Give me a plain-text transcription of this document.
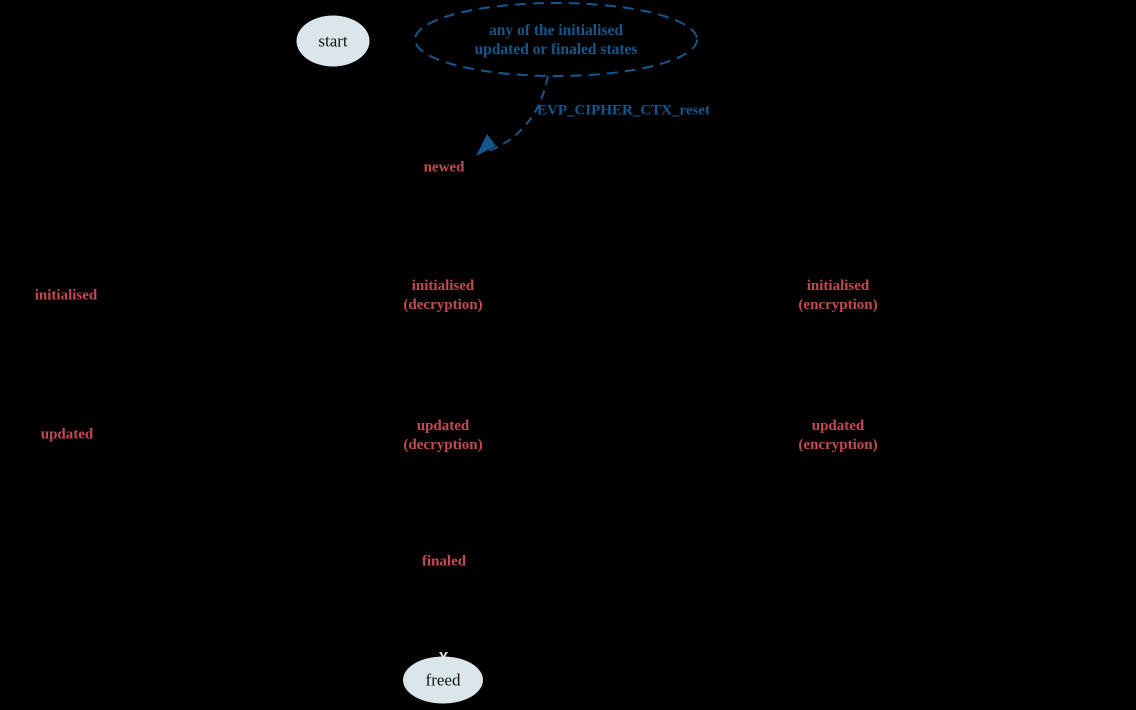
start
freed
any of the initialised
updated or finaled states
EVP_CIPHER_CTX_reset
newed
initialised
initialised
(decryption)
initialised
(encryption)
updated
updated
(decryption)
updated
(encryption)
finaled
